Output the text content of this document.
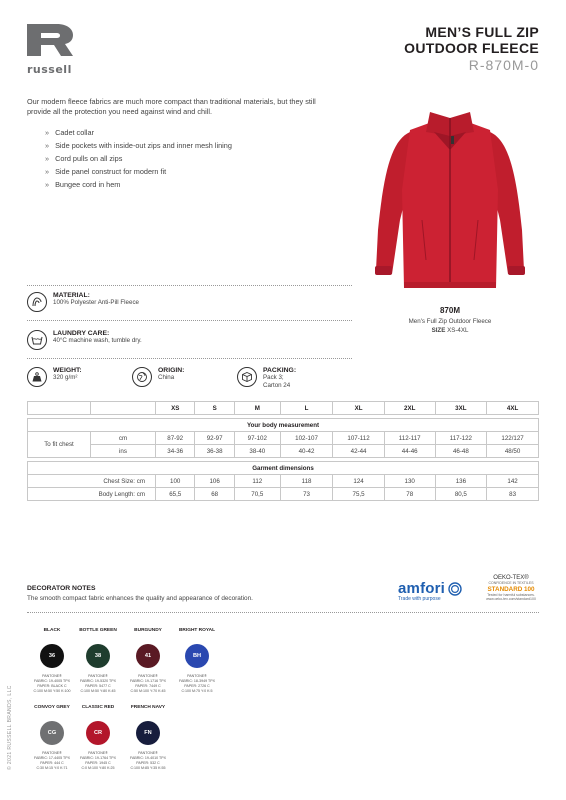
russell
MEN’S FULL ZIP
OUTDOOR FLEECE
R-870M-0
Our modern fleece fabrics are much more compact than traditional materials, but they still provide all the protection you need against wind and chill.
» Cadet collar
» Side pockets with inside-out zips and inner mesh lining
» Cord pulls on all zips
» Side panel construct for modern fit
» Bungee cord in hem
870M
Men's Full Zip Outdoor Fleece
SIZE XS-4XL
MATERIAL:
100% Polyester Anti-Pill Fleece
LAUNDRY CARE:
40°C machine wash, tumble dry.
WEIGHT:
320 g/m²
ORIGIN:
China
PACKING:
Pack 3;
Carton 24
		XS	S	M	L	XL	2XL	3XL	4XL

Your body measurement									
To fit chest	cm	87-92	92-97	97-102	102-107	107-112	112-117	117-122	122/127
	ins	34-36	36-38	38-40	40-42	42-44	44-46	46-48	48/50

Garment dimensions									
Chest Size: cm		100	106	112	118	124	130	136	142
Body Length: cm		65,5	68	70,5	73	75,5	78	80,5	83
DECORATOR NOTES
The smooth compact fabric enhances the quality and appearance of decoration.
amfori
Trade with purpose
OEKO-TEX®
CONFIDENCE IN TEXTILES
STANDARD 100
Tested for harmful substances.
www.oeko-tex.com/standard100
BLACK
36
PANTONE®
FABRIC: 19-4005 TPX
PAPER: BLACK C
C:100 M:50 Y:50 K:100
BOTTLE GREEN
38
PANTONE®
FABRIC: 19-5320 TPX
PAPER: 5477 C
C:100 M:50 Y:80 K:45
BURGUNDY
41
PANTONE®
FABRIC: 19-1716 TPX
PAPER: 7449 C
C:50 M:100 Y:70 K:45
BRIGHT ROYAL
BH
PANTONE®
FABRIC: 18-3949 TPX
PAPER: 2726 C
C:100 M:75 Y:0 K:5
CONVOY GREY
CG
PANTONE®
FABRIC: 17-4405 TPX
PAPER: 444 C
C:30 M:15 Y:0 K:71
CLASSIC RED
CR
PANTONE®
FABRIC: 19-1764 TPX
PAPER: 1945 C
C:0 M:100 Y:80 K:25
FRENCH NAVY
FN
PANTONE®
FABRIC: 19-4010 TPX
PAPER: 532 C
C:100 M:85 Y:35 K:55
© 2021 RUSSELL BRANDS, LLC
